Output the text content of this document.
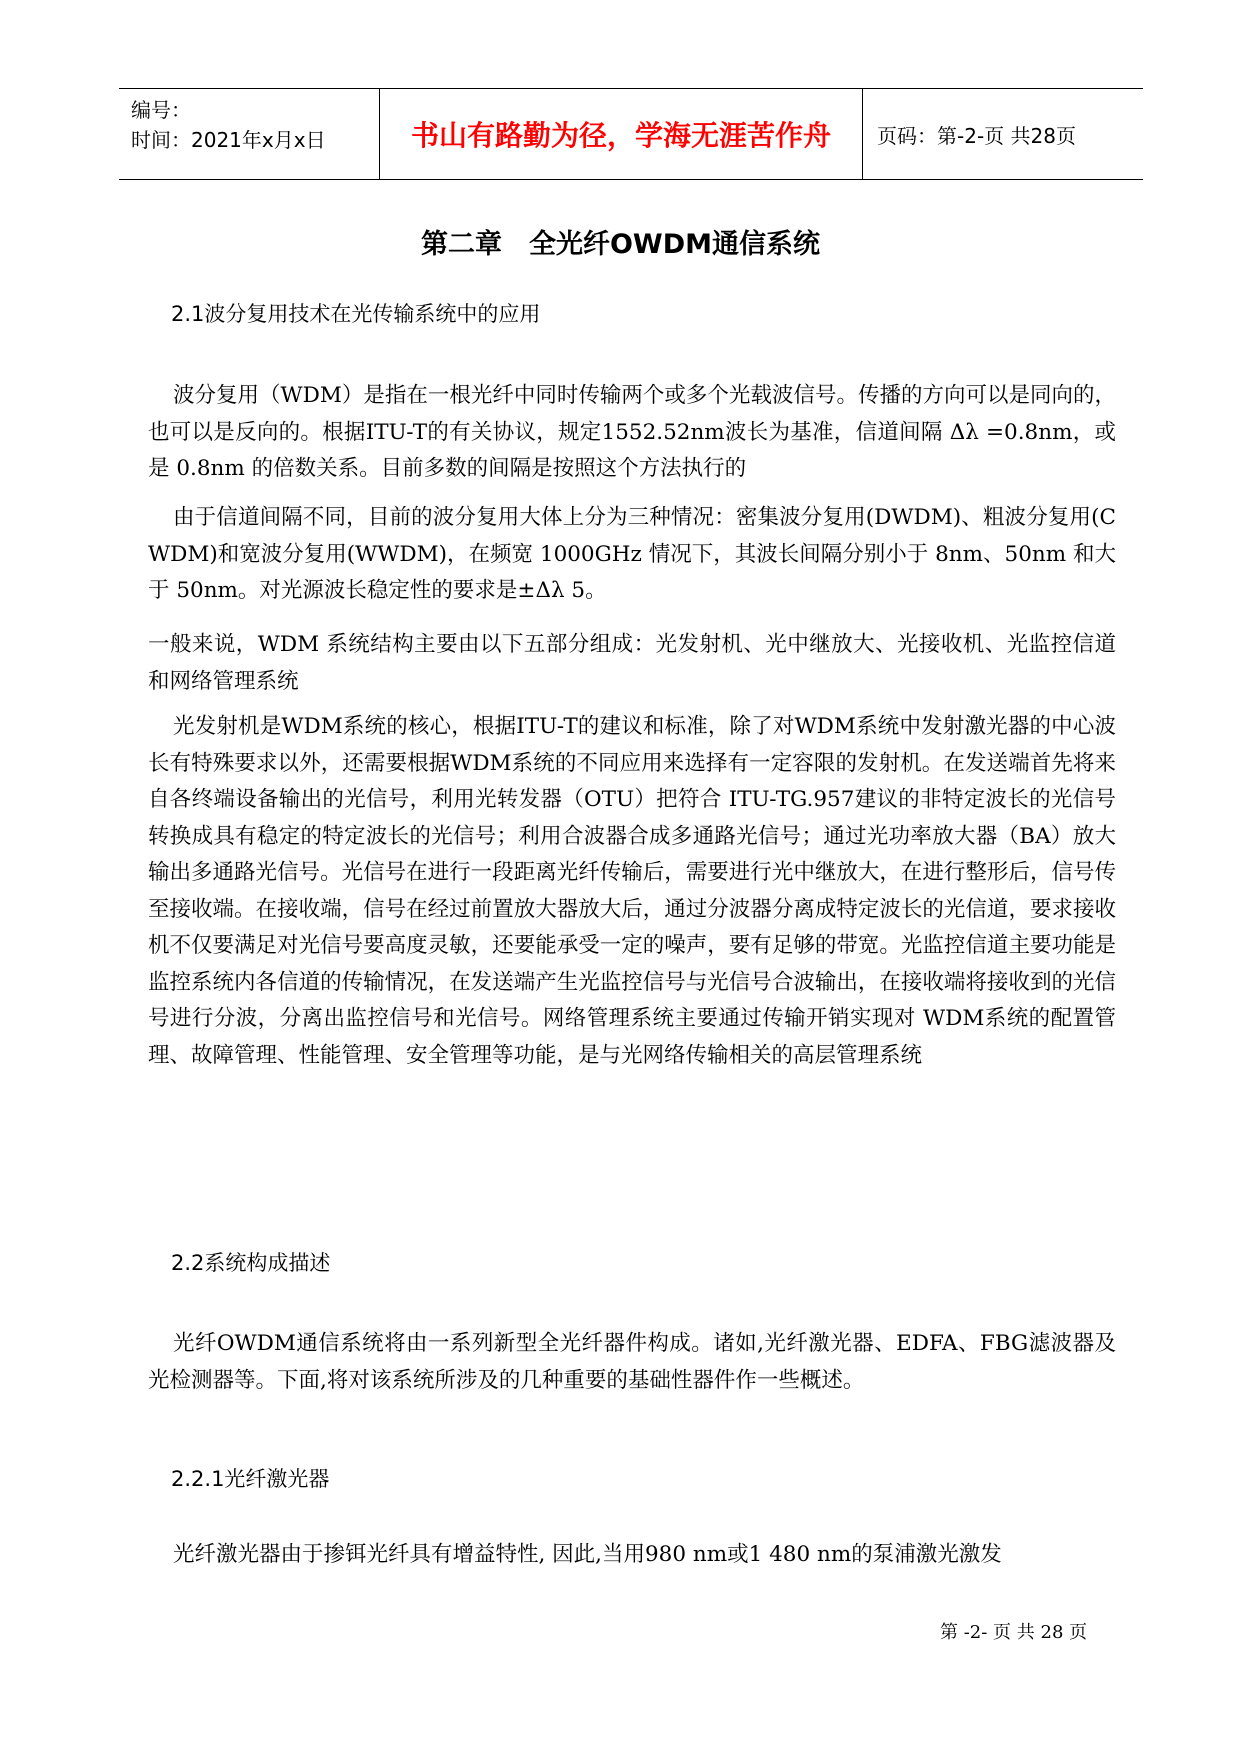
编号：
时间：2021年x月x日	书山有路勤为径，学海无涯苦作舟	页码：第-2-页 共28页
第二章　全光纤OWDM通信系统
2.1波分复用技术在光传输系统中的应用

波分复用（WDM）是指在一根光纤中同时传输两个或多个光载波信号。传播的方向可以是同向的，也可以是反向的。根据ITU-T的有关协议，规定1552.52nm波长为基准，信道间隔 Δλ =0.8nm，或是 0.8nm 的倍数关系。目前多数的间隔是按照这个方法执行的

由于信道间隔不同，目前的波分复用大体上分为三种情况：密集波分复用(DWDM)、粗波分复用(CWDM)和宽波分复用(WWDM)，在频宽 1000GHz 情况下，其波长间隔分别小于 8nm、50nm 和大于 50nm。对光源波长稳定性的要求是±Δλ 5。

一般来说，WDM 系统结构主要由以下五部分组成：光发射机、光中继放大、光接收机、光监控信道和网络管理系统

光发射机是WDM系统的核心，根据ITU-T的建议和标准，除了对WDM系统中发射激光器的中心波长有特殊要求以外，还需要根据WDM系统的不同应用来选择有一定容限的发射机。在发送端首先将来自各终端设备输出的光信号，利用光转发器（OTU）把符合 ITU-TG.957建议的非特定波长的光信号转换成具有稳定的特定波长的光信号；利用合波器合成多通路光信号；通过光功率放大器（BA）放大输出多通路光信号。光信号在进行一段距离光纤传输后，需要进行光中继放大，在进行整形后，信号传至接收端。在接收端，信号在经过前置放大器放大后，通过分波器分离成特定波长的光信道，要求接收机不仅要满足对光信号要高度灵敏，还要能承受一定的噪声，要有足够的带宽。光监控信道主要功能是监控系统内各信道的传输情况，在发送端产生光监控信号与光信号合波输出，在接收端将接收到的光信号进行分波，分离出监控信号和光信号。网络管理系统主要通过传输开销实现对 WDM系统的配置管理、故障管理、性能管理、安全管理等功能，是与光网络传输相关的高层管理系统

2.2系统构成描述

光纤OWDM通信系统将由一系列新型全光纤器件构成。诸如,光纤激光器、EDFA、FBG滤波器及光检测器等。下面,将对该系统所涉及的几种重要的基础性器件作一些概述。

2.2.1光纤激光器

光纤激光器由于掺铒光纤具有增益特性, 因此,当用980 nm或1 480 nm的泵浦激光激发

第 -2- 页 共 28 页
